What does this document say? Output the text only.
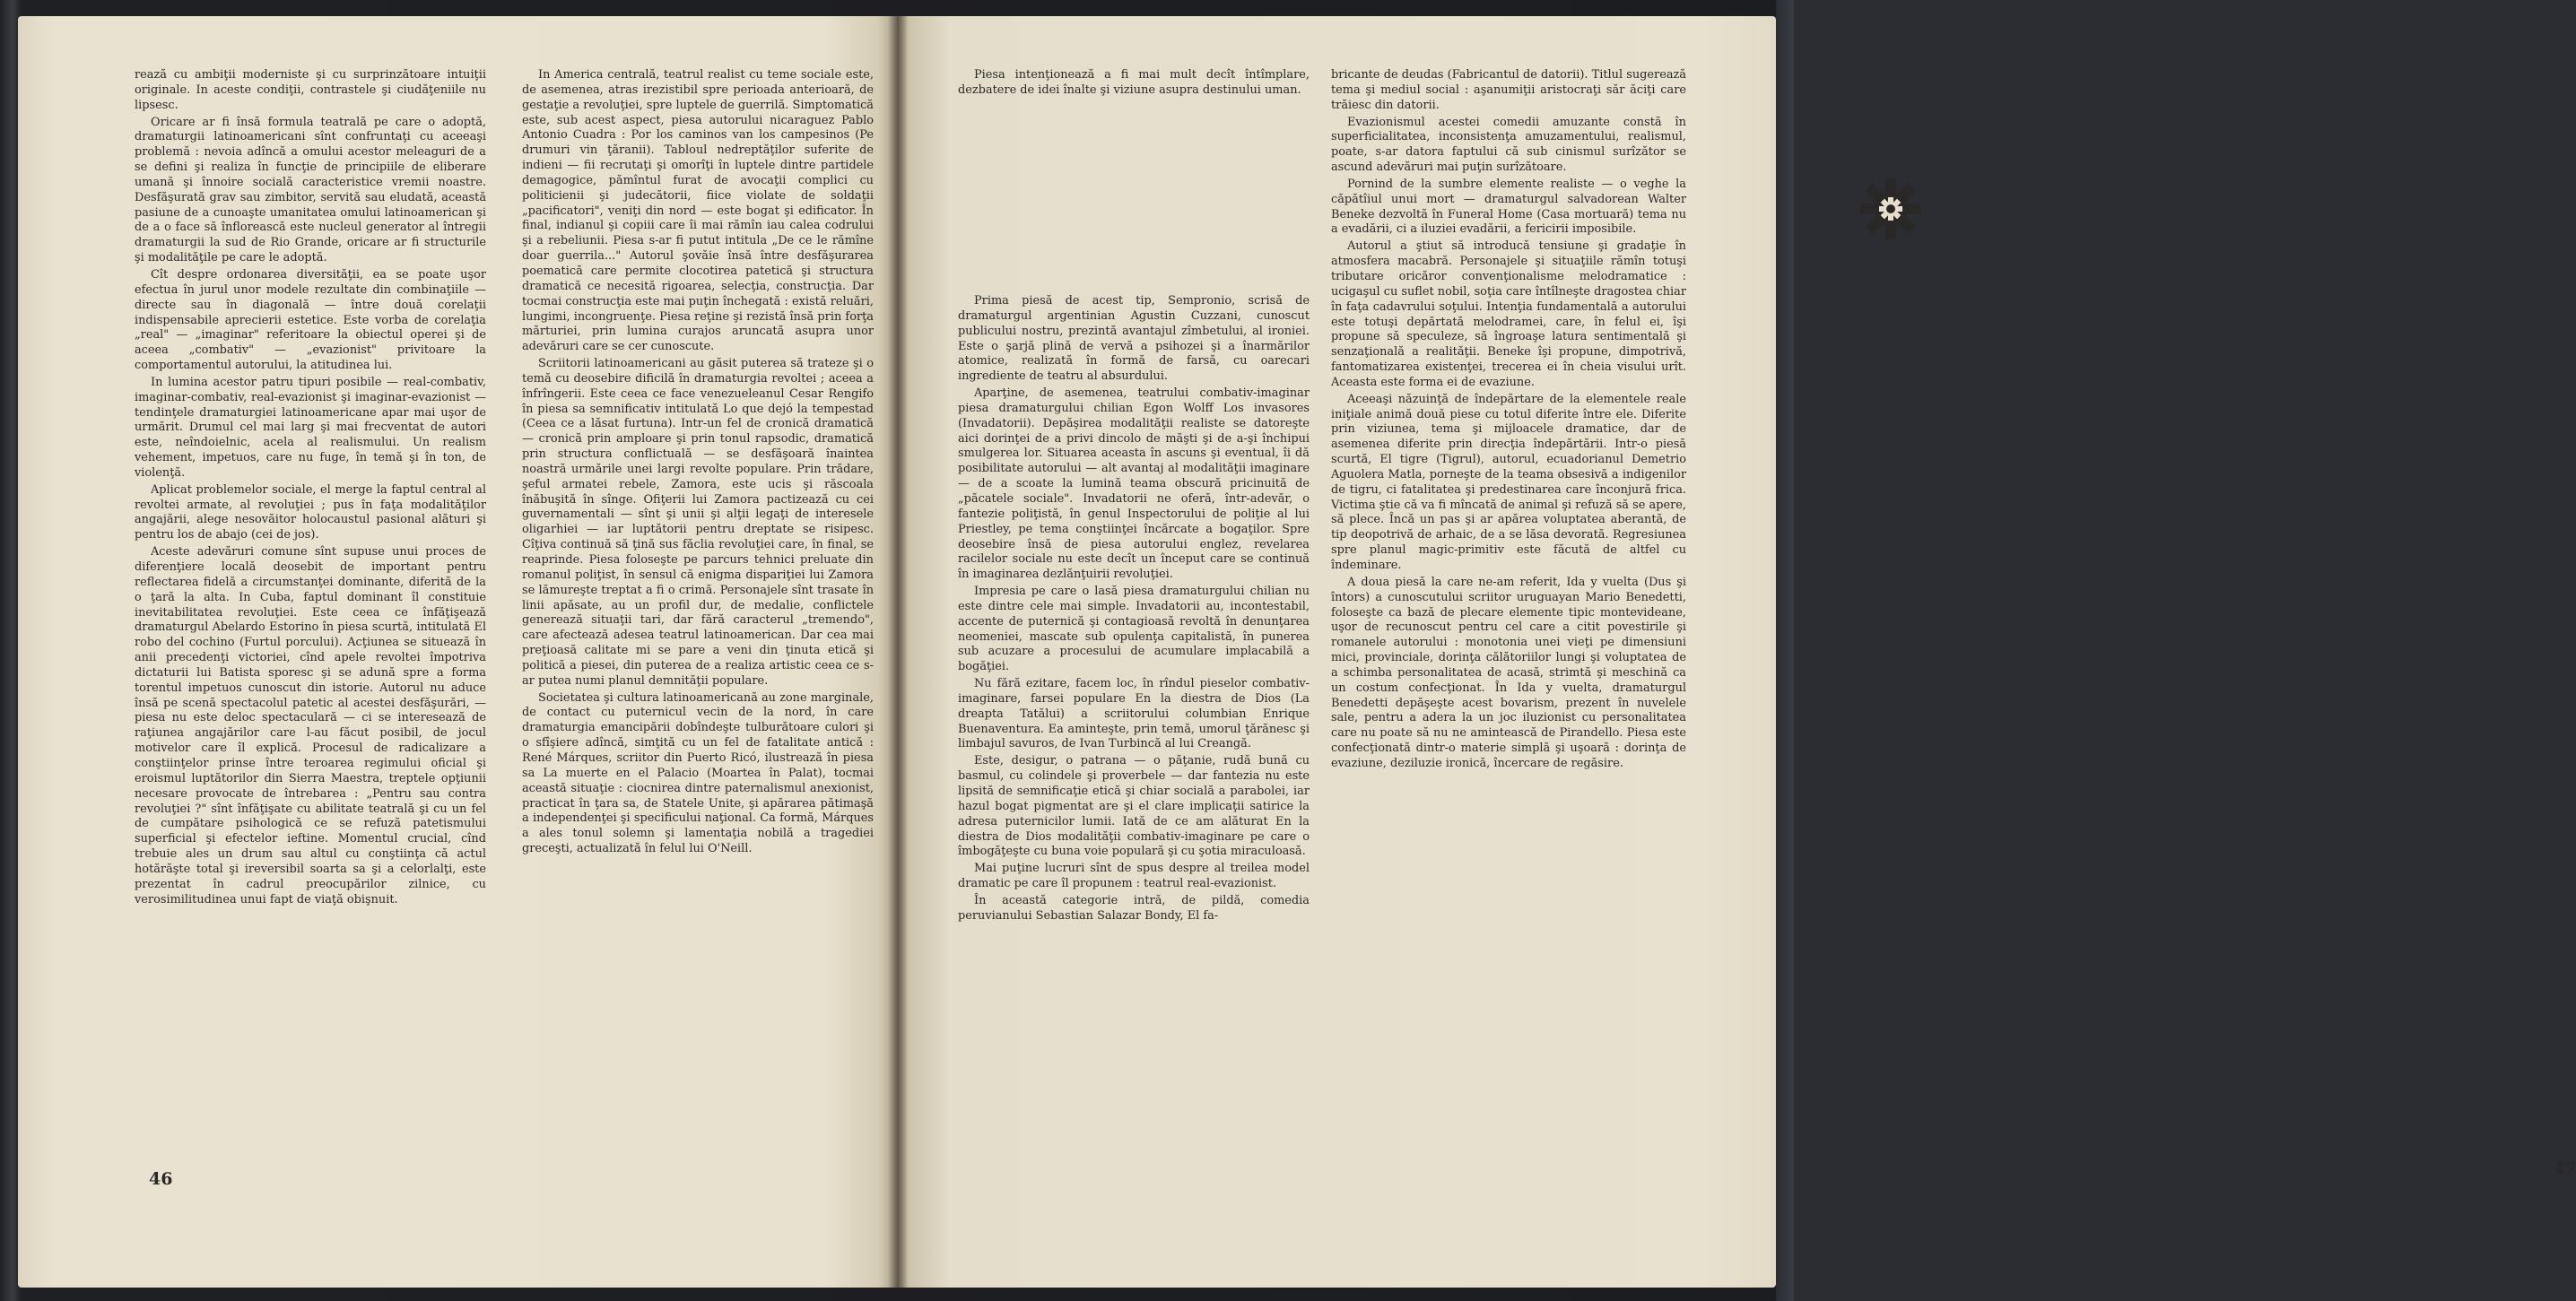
rează cu ambiţii moderniste şi cu surprinzătoare intuiţii originale. In aceste condiţii, contrastele şi ciudăţeniile nu lipsesc.

Oricare ar fi însă formula teatrală pe care o adoptă, dramaturgii latinoamericani sînt confruntaţi cu aceeaşi problemă : nevoia adîncă a omului acestor meleaguri de a se defini şi realiza în funcţie de principiile de eliberare umană şi înnoire socială caracteristice vremii noastre. Desfăşurată grav sau zimbitor, servită sau eludată, această pasiune de a cunoaşte umanitatea omului latinoamerican şi de a o face să înflorească este nucleul generator al întregii dramaturgii la sud de Rio Grande, oricare ar fi structurile şi modalităţile pe care le adoptă.

Cît despre ordonarea diversităţii, ea se poate uşor efectua în jurul unor modele rezultate din combinaţiile — directe sau în diagonală — între două corelaţii indispensabile aprecierii estetice. Este vorba de corelaţia „real" — „imaginar" referitoare la obiectul operei şi de aceea „combativ" — „evazionist" privitoare la comportamentul autorului, la atitudinea lui.

In lumina acestor patru tipuri posibile — real-combativ, imaginar-combativ, real-evazionist şi imaginar-evazionist — tendinţele dramaturgiei latinoamericane apar mai uşor de urmărit. Drumul cel mai larg şi mai frecventat de autori este, neîndoielnic, acela al realismului. Un realism vehement, impetuos, care nu fuge, în temă şi în ton, de violenţă.

Aplicat problemelor sociale, el merge la faptul central al revoltei armate, al revoluţiei ; pus în faţa modalităţilor angajării, alege nesovăitor holocaustul pasional alături şi pentru los de abajo (cei de jos).

Aceste adevăruri comune sînt supuse unui proces de diferenţiere locală deosebit de important pentru reflectarea fidelă a circumstanţei dominante, diferită de la o ţară la alta. In Cuba, faptul dominant îl constituie inevitabilitatea revoluţiei. Este ceea ce înfăţişează dramaturgul Abelardo Estorino în piesa scurtă, intitulată El robo del cochino (Furtul porcului). Acţiunea se situează în anii precedenţi victoriei, cînd apele revoltei împotriva dictaturii lui Batista sporesc şi se adună spre a forma torentul impetuos cunoscut din istorie. Autorul nu aduce însă pe scenă spectacolul patetic al acestei desfăşurări, — piesa nu este deloc spectaculară — ci se interesează de raţiunea angajărilor care l-au făcut posibil, de jocul motivelor care îl explică. Procesul de radicalizare a conştiinţelor prinse între teroarea regimului oficial şi eroismul luptătorilor din Sierra Maestra, treptele opţiunii necesare provocate de întrebarea : „Pentru sau contra revoluţiei ?" sînt înfăţişate cu abilitate teatrală şi cu un fel de cumpătare psihologică ce se refuză patetismului superficial şi efectelor ieftine. Momentul crucial, cînd trebuie ales un drum sau altul cu conştiinţa că actul hotărăşte total şi ireversibil soarta sa şi a celorlalţi, este prezentat în cadrul preocupărilor zilnice, cu verosimilitudinea unui fapt de viaţă obişnuit.

In America centrală, teatrul realist cu teme sociale este, de asemenea, atras irezistibil spre perioada anterioară, de gestaţie a revoluţiei, spre luptele de guerrilă. Simptomatică este, sub acest aspect, piesa autorului nicaraguez Pablo Antonio Cuadra : Por los caminos van los campesinos (Pe drumuri vin ţăranii). Tabloul nedreptăţilor suferite de indieni — fii recrutaţi şi omorîţi în luptele dintre partidele demagogice, pămîntul furat de avocaţii complici cu politicienii şi judecătorii, fiice violate de soldaţii „pacificatori", veniţi din nord — este bogat şi edificator. În final, indianul şi copiii care îi mai rămîn iau calea codrului şi a rebeliunii. Piesa s-ar fi putut intitula „De ce le rămîne doar guerrila..." Autorul şovăie însă între desfăşurarea poematică care permite clocotirea patetică şi structura dramatică ce necesită rigoarea, selecţia, construcţia. Dar tocmai construcţia este mai puţin închegată : există reluări, lungimi, incongruenţe. Piesa reţine şi rezistă însă prin forţa mărturiei, prin lumina curajos aruncată asupra unor adevăruri care se cer cunoscute.

Scriitorii latinoamericani au găsit puterea să trateze şi o temă cu deosebire dificilă în dramaturgia revoltei ; aceea a înfrîngerii. Este ceea ce face venezueleanul Cesar Rengifo în piesa sa semnificativ intitulată Lo que dejó la tempestad (Ceea ce a lăsat furtuna). Intr-un fel de cronică dramatică — cronică prin amploare şi prin tonul rapsodic, dramatică prin structura conflictuală — se desfăşoară înaintea noastră urmările unei largi revolte populare. Prin trădare, şeful armatei rebele, Zamora, este ucis şi răscoala înăbuşită în sînge. Ofiţerii lui Zamora pactizează cu cei guvernamentali — sînt şi unii şi alţii legaţi de interesele oligarhiei — iar luptătorii pentru dreptate se risipesc. Cîţiva continuă să ţină sus făclia revoluţiei care, în final, se reaprinde. Piesa foloseşte pe parcurs tehnici preluate din romanul poliţist, în sensul că enigma dispariţiei lui Zamora se lămureşte treptat a fi o crimă. Personajele sînt trasate în linii apăsate, au un profil dur, de medalie, conflictele generează situaţii tari, dar fără caracterul „tremendo", care afectează adesea teatrul latinoamerican. Dar cea mai preţioasă calitate mi se pare a veni din ţinuta etică şi politică a piesei, din puterea de a realiza artistic ceea ce s-ar putea numi planul demnităţii populare.

Societatea şi cultura latinoamericană au zone marginale, de contact cu puternicul vecin de la nord, în care dramaturgia emancipării dobîndeşte tulburătoare culori şi o sfîşiere adîncă, simţită cu un fel de fatalitate antică : René Márques, scriitor din Puerto Ricó, ilustrează în piesa sa La muerte en el Palacio (Moartea în Palat), tocmai această situaţie : ciocnirea dintre paternalismul anexionist, practicat în ţara sa, de Statele Unite, şi apărarea pătimaşă a independenţei şi specificului naţional. Ca formă, Márques a ales tonul solemn şi lamentaţia nobilă a tragediei greceşti, actualizată în felul lui O'Neill.

46

Piesa intenţionează a fi mai mult decît întîmplare, dezbatere de idei înalte şi viziune asupra destinului uman.

Prima piesă de acest tip, Sempronio, scrisă de dramaturgul argentinian Agustin Cuzzani, cunoscut publicului nostru, prezintă avantajul zîmbetului, al ironiei. Este o şarjă plină de vervă a psihozei şi a înarmărilor atomice, realizată în formă de farsă, cu oarecari ingrediente de teatru al absurdului.

Aparţine, de asemenea, teatrului combativ-imaginar piesa dramaturgului chilian Egon Wolff Los invasores (Invadatorii). Depăşirea modalităţii realiste se datoreşte aici dorinţei de a privi dincolo de măşti şi de a-şi închipui smulgerea lor. Situarea aceasta în ascuns şi eventual, îi dă posibilitate autorului — alt avantaj al modalităţii imaginare — de a scoate la lumină teama obscură pricinuită de „păcatele sociale". Invadatorii ne oferă, într-adevăr, o fantezie poliţistă, în genul Inspectorului de poliţie al lui Priestley, pe tema conştiinţei încărcate a bogaţilor. Spre deosebire însă de piesa autorului englez, revelarea racilelor sociale nu este decît un început care se continuă în imaginarea dezlănţuirii revoluţiei.

Impresia pe care o lasă piesa dramaturgului chilian nu este dintre cele mai simple. Invadatorii au, incontestabil, accente de puternică şi contagioasă revoltă în denunţarea neomeniei, mascate sub opulenţa capitalistă, în punerea sub acuzare a procesului de acumulare implacabilă a bogăţiei.

Nu fără ezitare, facem loc, în rîndul pieselor combativ-imaginare, farsei populare En la diestra de Dios (La dreapta Tatălui) a scriitorului columbian Enrique Buenaventura. Ea aminteşte, prin temă, umorul ţărănesc şi limbajul savuros, de Ivan Turbincă al lui Creangă.

Este, desigur, o patrana — o păţanie, rudă bună cu basmul, cu colindele şi proverbele — dar fantezia nu este lipsită de semnificaţie etică şi chiar socială a parabolei, iar hazul bogat pigmentat are şi el clare implicaţii satirice la adresa puternicilor lumii. Iată de ce am alăturat En la diestra de Dios modalităţii combativ-imaginare pe care o îmbogăţeşte cu buna voie populară şi cu şotia miraculoasă.

Mai puţine lucruri sînt de spus despre al treilea model dramatic pe care îl propunem : teatrul real-evazionist.

În această categorie intră, de pildă, comedia peruvianului Sebastian Salazar Bondy, El fa-

bricante de deudas (Fabricantul de datorii). Titlul sugerează tema şi mediul social : aşanumiţii aristocraţi săr ăciţi care trăiesc din datorii.

Evazionismul acestei comedii amuzante constă în superficialitatea, inconsistenţa amuzamentului, realismul, poate, s-ar datora faptului că sub cinismul surîzător se ascund adevăruri mai puţin surîzătoare.

Pornind de la sumbre elemente realiste — o veghe la căpătîiul unui mort — dramaturgul salvadorean Walter Beneke dezvoltă în Funeral Home (Casa mortuară) tema nu a evadării, ci a iluziei evadării, a fericirii imposibile.

Autorul a ştiut să introducă tensiune şi gradaţie în atmosfera macabră. Personajele şi situaţiile rămîn totuşi tributare oricăror convenţionalisme melodramatice : ucigaşul cu suflet nobil, soţia care întîlneşte dragostea chiar în faţa cadavrului soţului. Intenţia fundamentală a autorului este totuşi depărtată melodramei, care, în felul ei, îşi propune să speculeze, să îngroaşe latura sentimentală şi senzaţională a realităţii. Beneke îşi propune, dimpotrivă, fantomatizarea existenţei, trecerea ei în cheia visului urît. Aceasta este forma ei de evaziune.

Aceeaşi năzuinţă de îndepărtare de la elementele reale iniţiale animă două piese cu totul diferite între ele. Diferite prin viziunea, tema şi mijloacele dramatice, dar de asemenea diferite prin direcţia îndepărtării. Intr-o piesă scurtă, El tigre (Tigrul), autorul, ecuadorianul Demetrio Aguolera Matla, porneşte de la teama obsesivă a indigenilor de tigru, ci fatalitatea şi predestinarea care înconjură frica. Victima ştie că va fi mîncată de animal şi refuză să se apere, să plece. Încă un pas şi ar apărea voluptatea aberantă, de tip deopotrivă de arhaic, de a se lăsa devorată. Regresiunea spre planul magic-primitiv este făcută de altfel cu îndeminare.

A doua piesă la care ne-am referit, Ida y vuelta (Dus şi întors) a cunoscutului scriitor uruguayan Mario Benedetti, foloseşte ca bază de plecare elemente tipic montevideane, uşor de recunoscut pentru cel care a citit povestirile şi romanele autorului : monotonia unei vieţi pe dimensiuni mici, provinciale, dorinţa călătoriilor lungi şi voluptatea de a schimba personalitatea de acasă, strimtă şi meschină ca un costum confecţionat. În Ida y vuelta, dramaturgul Benedetti depăşeşte acest bovarism, prezent în nuvelele sale, pentru a adera la un joc iluzionist cu personalitatea care nu poate să nu ne amintească de Pirandello. Piesa este confecţionată dintr-o materie simplă şi uşoară : dorinţa de evaziune, deziluzie ironică, încercare de regăsire.

47
